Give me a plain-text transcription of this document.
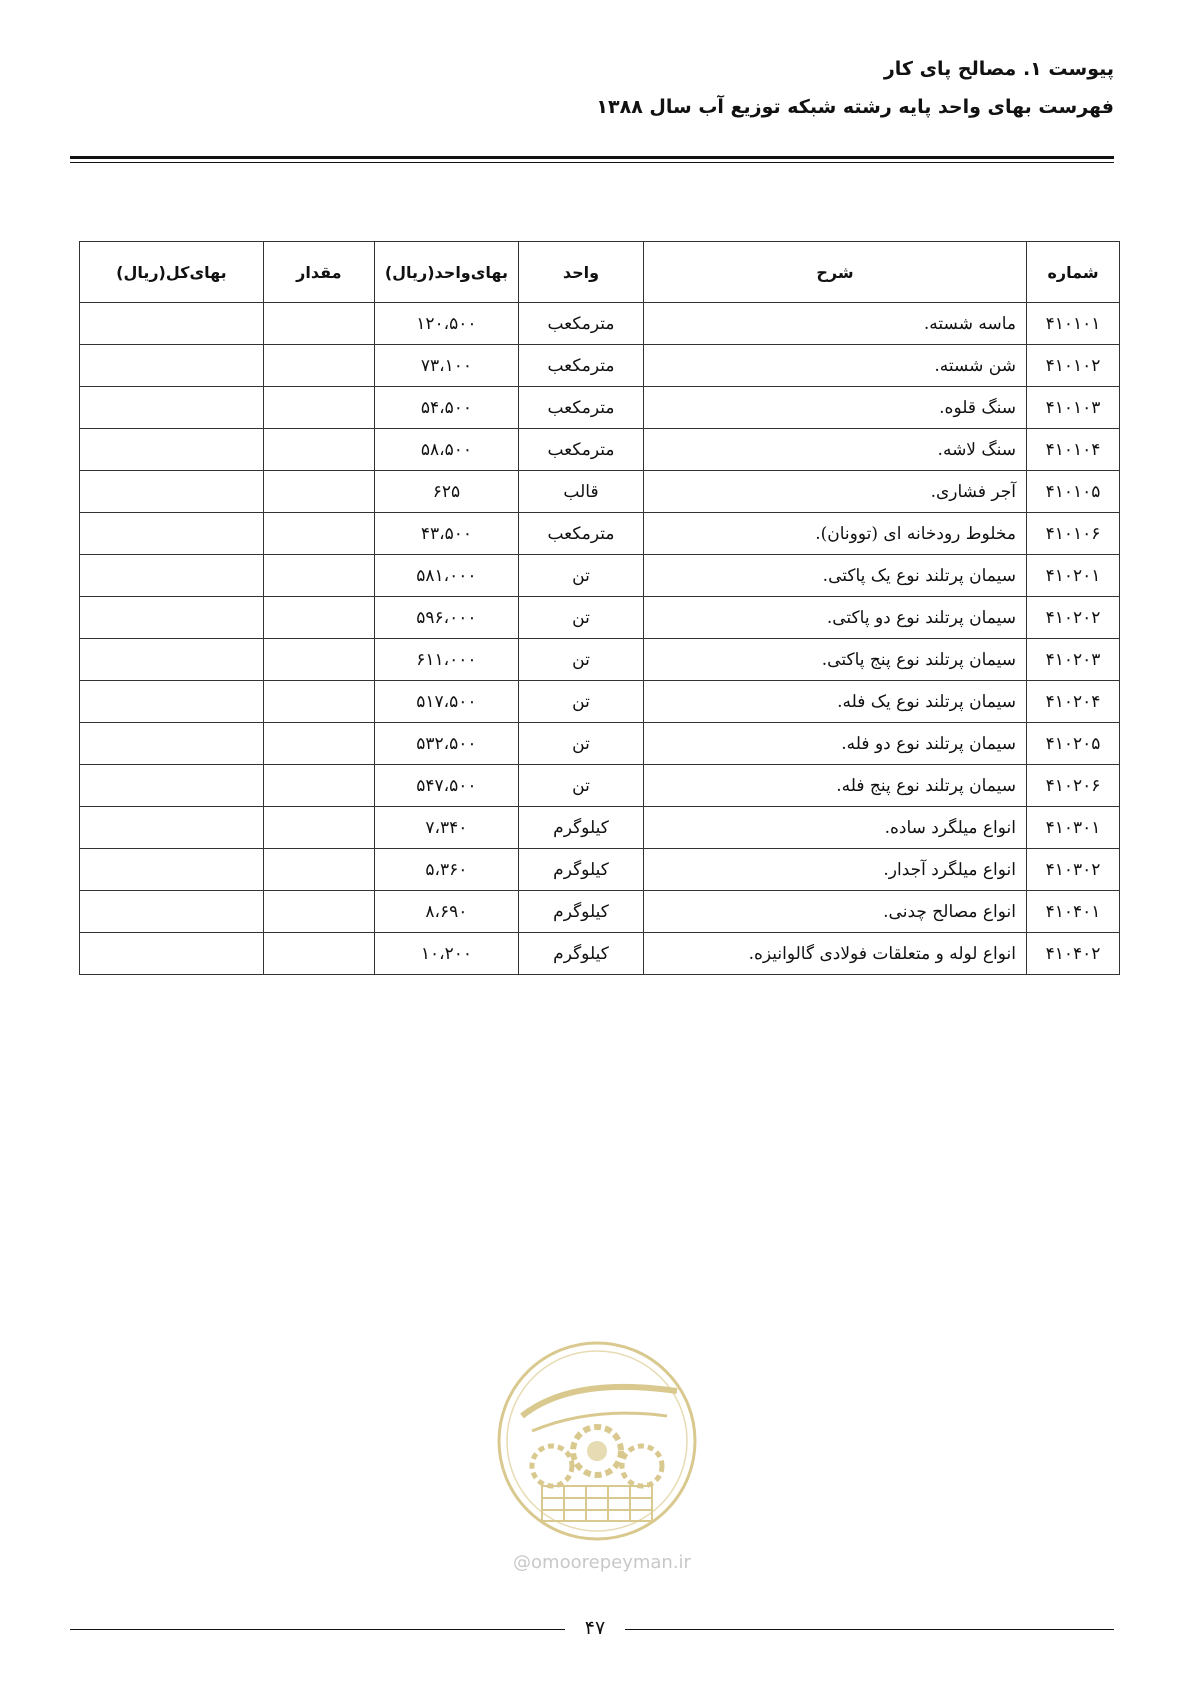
پیوست ۱. مصالح پای کار

فهرست بهای واحد پایه رشته شبکه توزیع آب سال ۱۳۸۸

شماره	شرح	واحد	بهای‌واحد(ریال)	مقدار	بهای‌کل(ریال)
۴۱۰۱۰۱	ماسه شسته.	مترمکعب	۱۲۰،۵۰۰		
۴۱۰۱۰۲	شن شسته.	مترمکعب	۷۳،۱۰۰		
۴۱۰۱۰۳	سنگ قلوه.	مترمکعب	۵۴،۵۰۰		
۴۱۰۱۰۴	سنگ لاشه.	مترمکعب	۵۸،۵۰۰		
۴۱۰۱۰۵	آجر فشاری.	قالب	۶۲۵		
۴۱۰۱۰۶	مخلوط رودخانه ای (توونان).	مترمکعب	۴۳،۵۰۰		
۴۱۰۲۰۱	سیمان پرتلند نوع یک پاکتی.	تن	۵۸۱،۰۰۰		
۴۱۰۲۰۲	سیمان پرتلند نوع دو پاکتی.	تن	۵۹۶،۰۰۰		
۴۱۰۲۰۳	سیمان پرتلند نوع پنج پاکتی.	تن	۶۱۱،۰۰۰		
۴۱۰۲۰۴	سیمان پرتلند نوع یک فله.	تن	۵۱۷،۵۰۰		
۴۱۰۲۰۵	سیمان پرتلند نوع دو فله.	تن	۵۳۲،۵۰۰		
۴۱۰۲۰۶	سیمان پرتلند نوع پنج فله.	تن	۵۴۷،۵۰۰		
۴۱۰۳۰۱	انواع میلگرد ساده.	کیلوگرم	۷،۳۴۰		
۴۱۰۳۰۲	انواع میلگرد آجدار.	کیلوگرم	۵،۳۶۰		
۴۱۰۴۰۱	انواع مصالح چدنی.	کیلوگرم	۸،۶۹۰		
۴۱۰۴۰۲	انواع لوله و متعلقات فولادی گالوانیزه.	کیلوگرم	۱۰،۲۰۰		
@omoorepeyman.ir
۴۷
